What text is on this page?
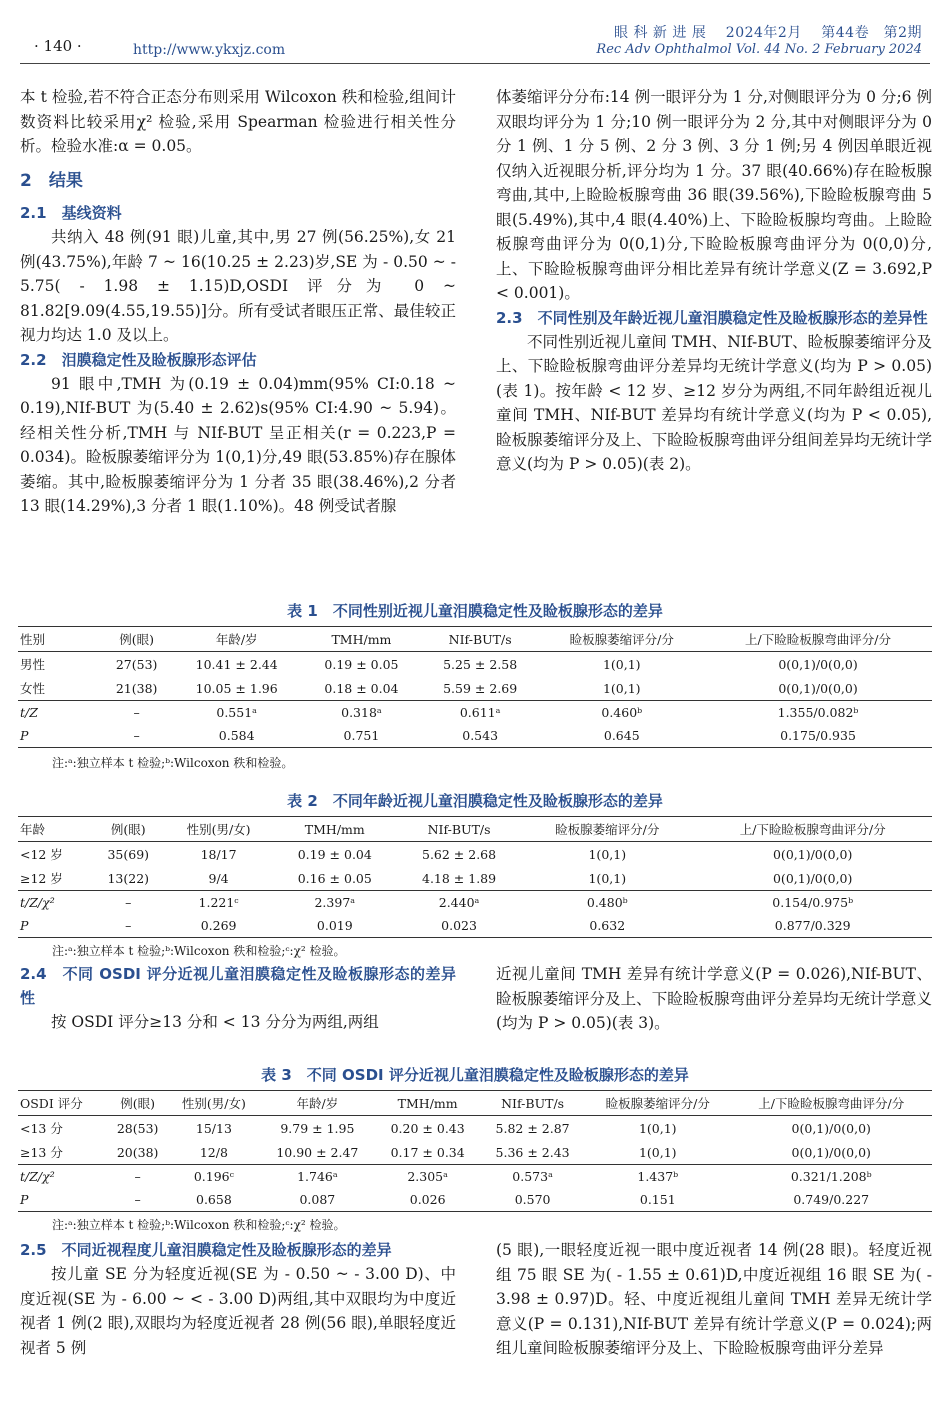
· 140 ·	http://www.ykxjz.com
眼 科 新 进 展　 2024年2月　 第44卷　第2期
Rec Adv Ophthalmol Vol. 44 No. 2 February 2024

本 t 检验,若不符合正态分布则采用 Wilcoxon 秩和检验,组间计数资料比较采用χ² 检验,采用 Spearman 检验进行相关性分析。检验水准:α = 0.05。

2　结果

2.1　基线资料

共纳入 48 例(91 眼)儿童,其中,男 27 例(56.25%),女 21 例(43.75%),年龄 7 ~ 16(10.25 ± 2.23)岁,SE 为 - 0.50 ~ - 5.75( - 1.98 ± 1.15)D,OSDI 评分为 0 ~ 81.82[9.09(4.55,19.55)]分。所有受试者眼压正常、最佳较正视力均达 1.0 及以上。

2.2　泪膜稳定性及睑板腺形态评估

91 眼中,TMH 为(0.19 ± 0.04)mm(95% CI:0.18 ~ 0.19),NIf-BUT 为(5.40 ± 2.62)s(95% CI:4.90 ~ 5.94)。经相关性分析,TMH 与 NIf-BUT 呈正相关(r = 0.223,P = 0.034)。睑板腺萎缩评分为 1(0,1)分,49 眼(53.85%)存在腺体萎缩。其中,睑板腺萎缩评分为 1 分者 35 眼(38.46%),2 分者 13 眼(14.29%),3 分者 1 眼(1.10%)。48 例受试者腺

体萎缩评分分布:14 例一眼评分为 1 分,对侧眼评分为 0 分;6 例双眼均评分为 1 分;10 例一眼评分为 2 分,其中对侧眼评分为 0 分 1 例、1 分 5 例、2 分 3 例、3 分 1 例;另 4 例因单眼近视仅纳入近视眼分析,评分均为 1 分。37 眼(40.66%)存在睑板腺弯曲,其中,上睑睑板腺弯曲 36 眼(39.56%),下睑睑板腺弯曲 5 眼(5.49%),其中,4 眼(4.40%)上、下睑睑板腺均弯曲。上睑睑板腺弯曲评分为 0(0,1)分,下睑睑板腺弯曲评分为 0(0,0)分,上、下睑睑板腺弯曲评分相比差异有统计学意义(Z = 3.692,P < 0.001)。

2.3　不同性别及年龄近视儿童泪膜稳定性及睑板腺形态的差异性

不同性别近视儿童间 TMH、NIf-BUT、睑板腺萎缩评分及上、下睑睑板腺弯曲评分差异均无统计学意义(均为 P > 0.05)(表 1)。按年龄 < 12 岁、≥12 岁分为两组,不同年龄组近视儿童间 TMH、NIf-BUT 差异均有统计学意义(均为 P < 0.05),睑板腺萎缩评分及上、下睑睑板腺弯曲评分组间差异均无统计学意义(均为 P > 0.05)(表 2)。

表 1　不同性别近视儿童泪膜稳定性及睑板腺形态的差异
性别	例(眼)	年龄/岁	TMH/mm	NIf-BUT/s	睑板腺萎缩评分/分	上/下睑睑板腺弯曲评分/分
男性	27(53)	10.41 ± 2.44	0.19 ± 0.05	5.25 ± 2.58	1(0,1)	0(0,1)/0(0,0)
女性	21(38)	10.05 ± 1.96	0.18 ± 0.04	5.59 ± 2.69	1(0,1)	0(0,1)/0(0,0)
t/Z	–	0.551ᵃ	0.318ᵃ	0.611ᵃ	0.460ᵇ	1.355/0.082ᵇ
P	–	0.584	0.751	0.543	0.645	0.175/0.935
注:ᵃ:独立样本 t 检验;ᵇ:Wilcoxon 秩和检验。
表 2　不同年龄近视儿童泪膜稳定性及睑板腺形态的差异
年龄	例(眼)	性别(男/女)	TMH/mm	NIf-BUT/s	睑板腺萎缩评分/分	上/下睑睑板腺弯曲评分/分
<12 岁	35(69)	18/17	0.19 ± 0.04	5.62 ± 2.68	1(0,1)	0(0,1)/0(0,0)
≥12 岁	13(22)	9/4	0.16 ± 0.05	4.18 ± 1.89	1(0,1)	0(0,1)/0(0,0)
t/Z/χ²	–	1.221ᶜ	2.397ᵃ	2.440ᵃ	0.480ᵇ	0.154/0.975ᵇ
P	–	0.269	0.019	0.023	0.632	0.877/0.329
注:ᵃ:独立样本 t 检验;ᵇ:Wilcoxon 秩和检验;ᶜ:χ² 检验。

2.4　不同 OSDI 评分近视儿童泪膜稳定性及睑板腺形态的差异性

按 OSDI 评分≥13 分和 < 13 分分为两组,两组

近视儿童间 TMH 差异有统计学意义(P = 0.026),NIf-BUT、睑板腺萎缩评分及上、下睑睑板腺弯曲评分差异均无统计学意义(均为 P > 0.05)(表 3)。

表 3　不同 OSDI 评分近视儿童泪膜稳定性及睑板腺形态的差异
OSDI 评分	例(眼)	性别(男/女)	年龄/岁	TMH/mm	NIf-BUT/s	睑板腺萎缩评分/分	上/下睑睑板腺弯曲评分/分
<13 分	28(53)	15/13	9.79 ± 1.95	0.20 ± 0.43	5.82 ± 2.87	1(0,1)	0(0,1)/0(0,0)
≥13 分	20(38)	12/8	10.90 ± 2.47	0.17 ± 0.34	5.36 ± 2.43	1(0,1)	0(0,1)/0(0,0)
t/Z/χ²	–	0.196ᶜ	1.746ᵃ	2.305ᵃ	0.573ᵃ	1.437ᵇ	0.321/1.208ᵇ
P	–	0.658	0.087	0.026	0.570	0.151	0.749/0.227
注:ᵃ:独立样本 t 检验;ᵇ:Wilcoxon 秩和检验;ᶜ:χ² 检验。

2.5　不同近视程度儿童泪膜稳定性及睑板腺形态的差异

按儿童 SE 分为轻度近视(SE 为 - 0.50 ~ - 3.00 D)、中度近视(SE 为 - 6.00 ~ < - 3.00 D)两组,其中双眼均为中度近视者 1 例(2 眼),双眼均为轻度近视者 28 例(56 眼),单眼轻度近视者 5 例

(5 眼),一眼轻度近视一眼中度近视者 14 例(28 眼)。轻度近视组 75 眼 SE 为( - 1.55 ± 0.61)D,中度近视组 16 眼 SE 为( - 3.98 ± 0.97)D。轻、中度近视组儿童间 TMH 差异无统计学意义(P = 0.131),NIf-BUT 差异有统计学意义(P = 0.024);两组儿童间睑板腺萎缩评分及上、下睑睑板腺弯曲评分差异
